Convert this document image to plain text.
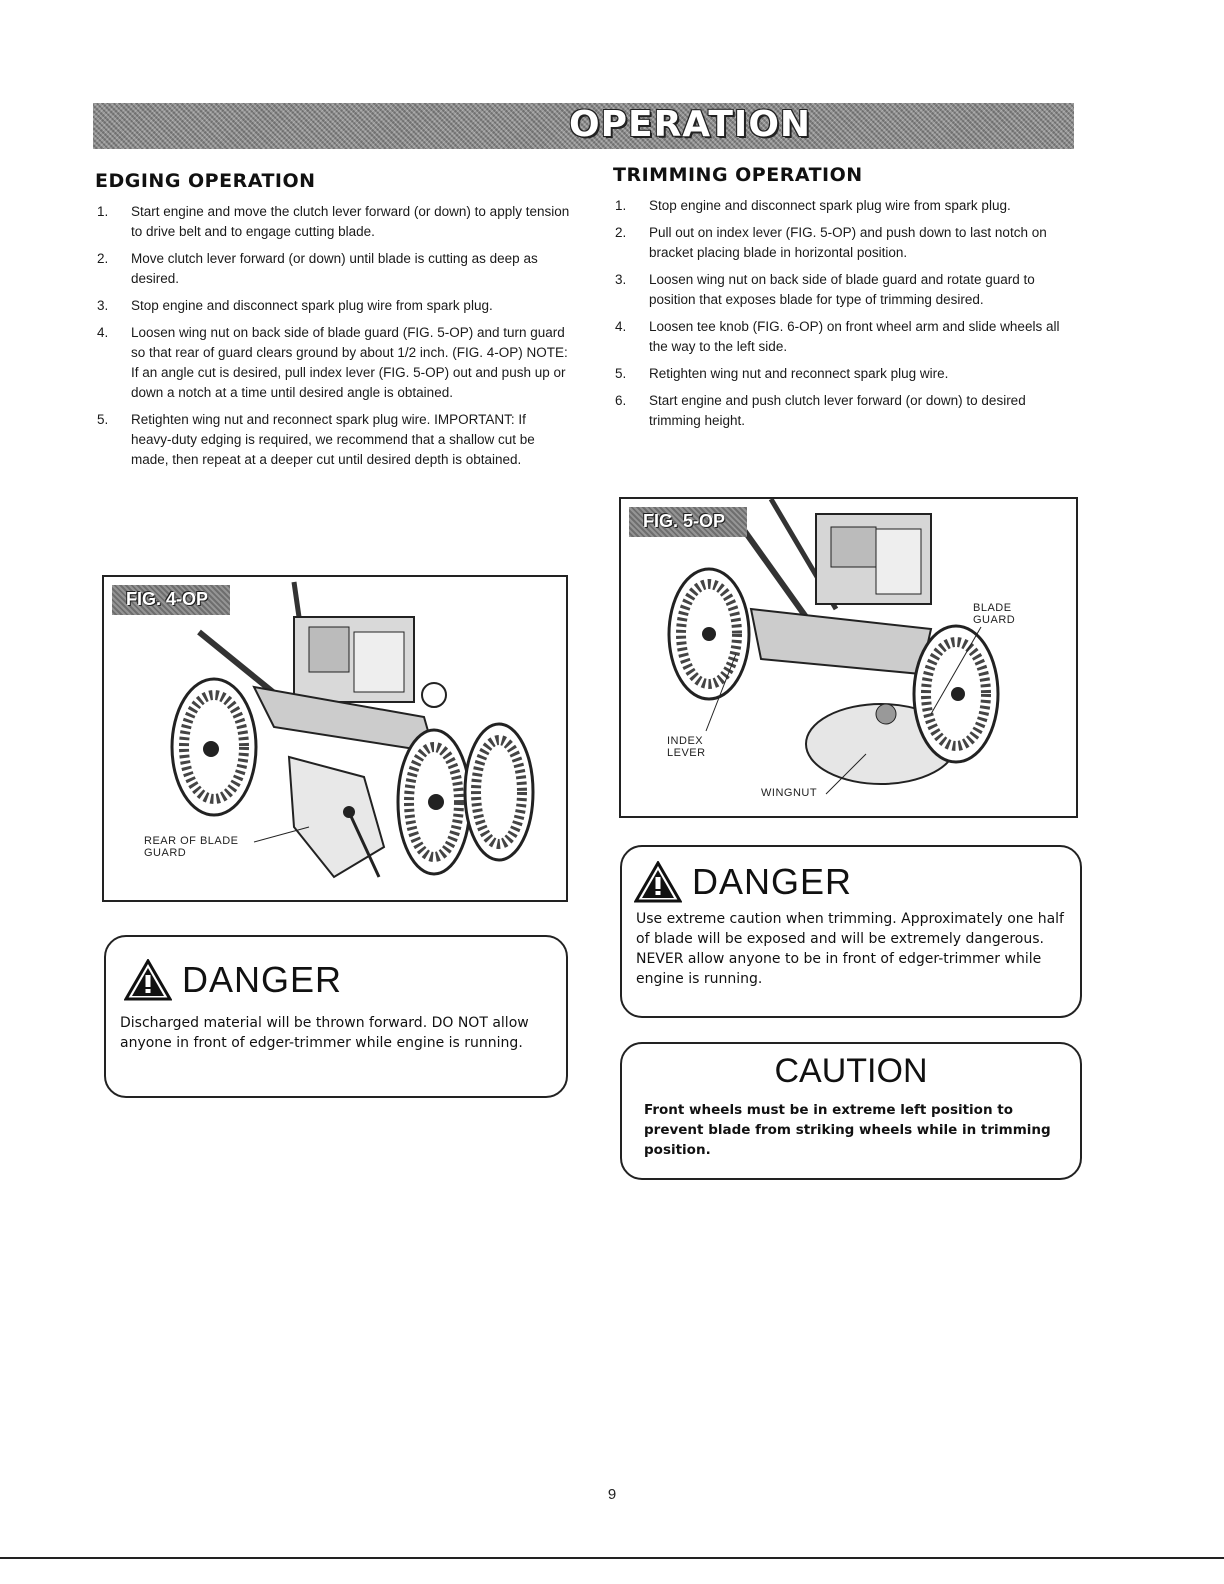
OPERATION
EDGING OPERATION
1. Start engine and move the clutch lever forward (or down) to apply tension to drive belt and to engage cutting blade.
2. Move clutch lever forward (or down) until blade is cutting as deep as desired.
3. Stop engine and disconnect spark plug wire from spark plug.
4. Loosen wing nut on back side of blade guard (FIG. 5-OP) and turn guard so that rear of guard clears ground by about 1/2 inch. (FIG. 4-OP) NOTE: If an angle cut is desired, pull index lever (FIG. 5-OP) out and push up or down a notch at a time until desired angle is obtained.
5. Retighten wing nut and reconnect spark plug wire. IMPORTANT: If heavy-duty edging is required, we recommend that a shallow cut be made, then repeat at a deeper cut until desired depth is obtained.
TRIMMING OPERATION
1. Stop engine and disconnect spark plug wire from spark plug.
2. Pull out on index lever (FIG. 5-OP) and push down to last notch on bracket placing blade in horizontal position.
3. Loosen wing nut on back side of blade guard and rotate guard to position that exposes blade for type of trimming desired.
4. Loosen tee knob (FIG. 6-OP) on front wheel arm and slide wheels all the way to the left side.
5. Retighten wing nut and reconnect spark plug wire.
6. Start engine and push clutch lever forward (or down) to desired trimming height.
FIG. 4-OP
REAR OF BLADE GUARD
FIG. 5-OP
BLADE GUARD
INDEX LEVER
WINGNUT
DANGER
Discharged material will be thrown forward. DO NOT allow anyone in front of edger-trimmer while engine is running.
DANGER
Use extreme caution when trimming. Approximately one half of blade will be exposed and will be extremely dangerous. NEVER allow anyone to be in front of edger-trimmer while engine is running.
CAUTION
Front wheels must be in extreme left position to prevent blade from striking wheels while in trimming position.
9
